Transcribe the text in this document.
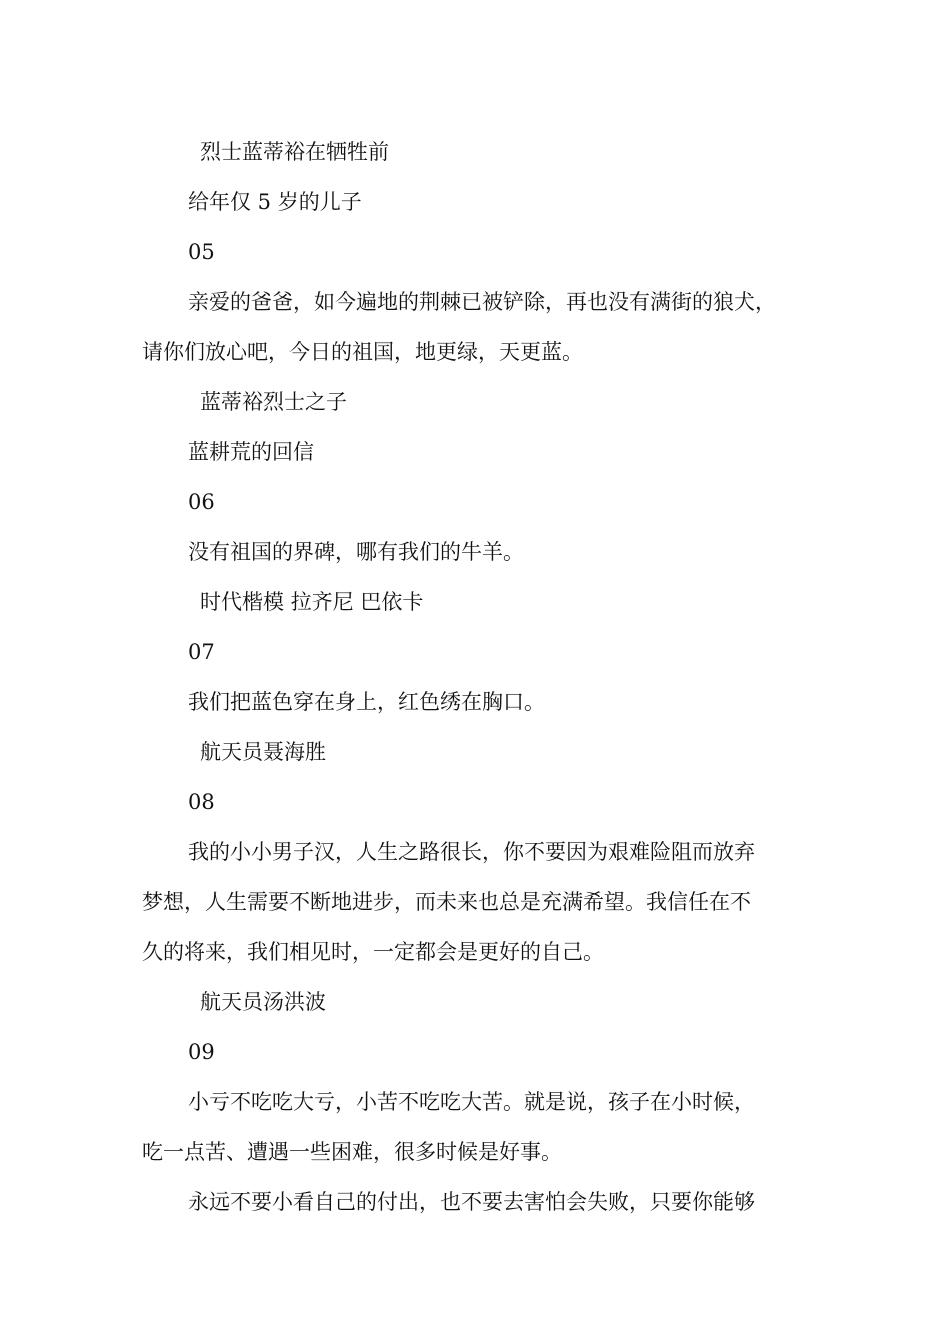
烈士蓝蒂裕在牺牲前
给年仅 5 岁的儿子
05
亲爱的爸爸，如今遍地的荆棘已被铲除，再也没有满街的狼犬，
请你们放心吧，今日的祖国，地更绿，天更蓝。
蓝蒂裕烈士之子
蓝耕荒的回信
06
没有祖国的界碑，哪有我们的牛羊。
时代楷模 拉齐尼 巴依卡
07
我们把蓝色穿在身上，红色绣在胸口。
航天员聂海胜
08
我的小小男子汉，人生之路很长，你不要因为艰难险阻而放弃
梦想，人生需要不断地进步，而未来也总是充满希望。我信任在不
久的将来，我们相见时，一定都会是更好的自己。
航天员汤洪波
09
小亏不吃吃大亏，小苦不吃吃大苦。就是说，孩子在小时候，
吃一点苦、遭遇一些困难，很多时候是好事。
永远不要小看自己的付出，也不要去害怕会失败，只要你能够
